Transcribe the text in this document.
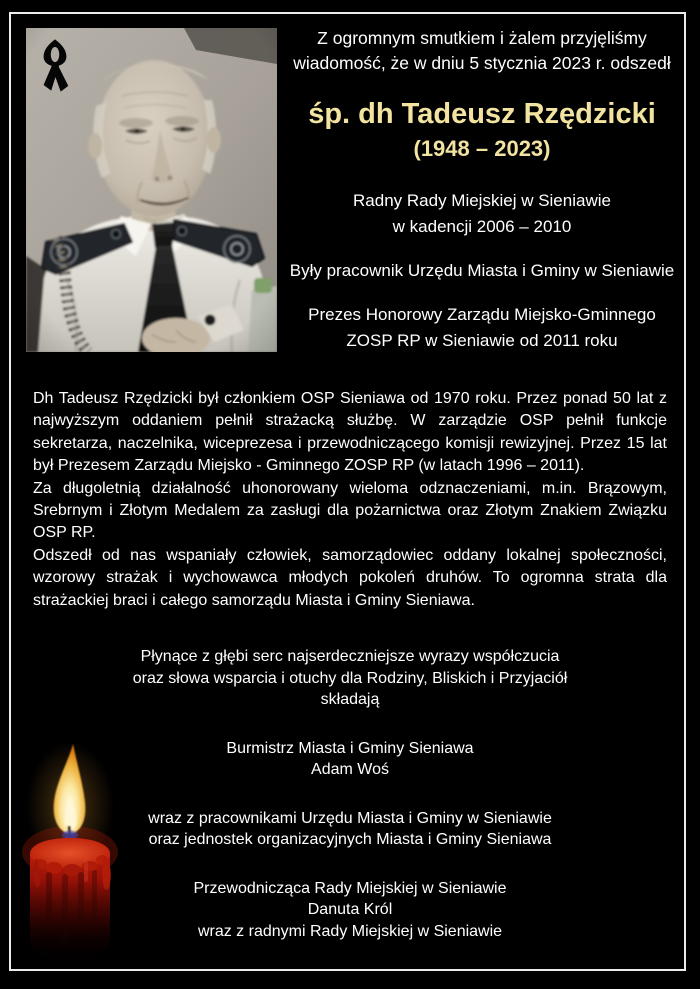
Z ogromnym smutkiem i żalem przyjęliśmy
wiadomość, że w dniu 5 stycznia 2023 r. odszedł
śp. dh Tadeusz Rzędzicki
(1948 – 2023)
Radny Rady Miejskiej w Sieniawie
w kadencji 2006 – 2010
Były pracownik Urzędu Miasta i Gminy w Sieniawie
Prezes Honorowy Zarządu Miejsko-Gminnego
ZOSP RP w Sieniawie od 2011 roku

Dh Tadeusz Rzędzicki był członkiem OSP Sieniawa od 1970 roku. Przez ponad 50 lat z najwyższym oddaniem pełnił strażacką służbę. W zarządzie OSP pełnił funkcje sekretarza, naczelnika, wiceprezesa i przewodniczącego komisji rewizyjnej. Przez 15 lat był Prezesem Zarządu Miejsko - Gminnego ZOSP RP (w latach 1996 – 2011).

Za długoletnią działalność uhonorowany wieloma odznaczeniami, m.in. Brązowym, Srebrnym i Złotym Medalem za zasługi dla pożarnictwa oraz Złotym Znakiem Związku OSP RP.

Odszedł od nas wspaniały człowiek, samorządowiec oddany lokalnej społeczności, wzorowy strażak i wychowawca młodych pokoleń druhów. To ogromna strata dla strażackiej braci i całego samorządu Miasta i Gminy Sieniawa.

Płynące z głębi serc najserdeczniejsze wyrazy współczucia
oraz słowa wsparcia i otuchy dla Rodziny, Bliskich i Przyjaciół
składają
Burmistrz Miasta i Gminy Sieniawa
Adam Woś
wraz z pracownikami Urzędu Miasta i Gminy w Sieniawie
oraz jednostek organizacyjnych Miasta i Gminy Sieniawa
Przewodnicząca Rady Miejskiej w Sieniawie
Danuta Król
wraz z radnymi Rady Miejskiej w Sieniawie
